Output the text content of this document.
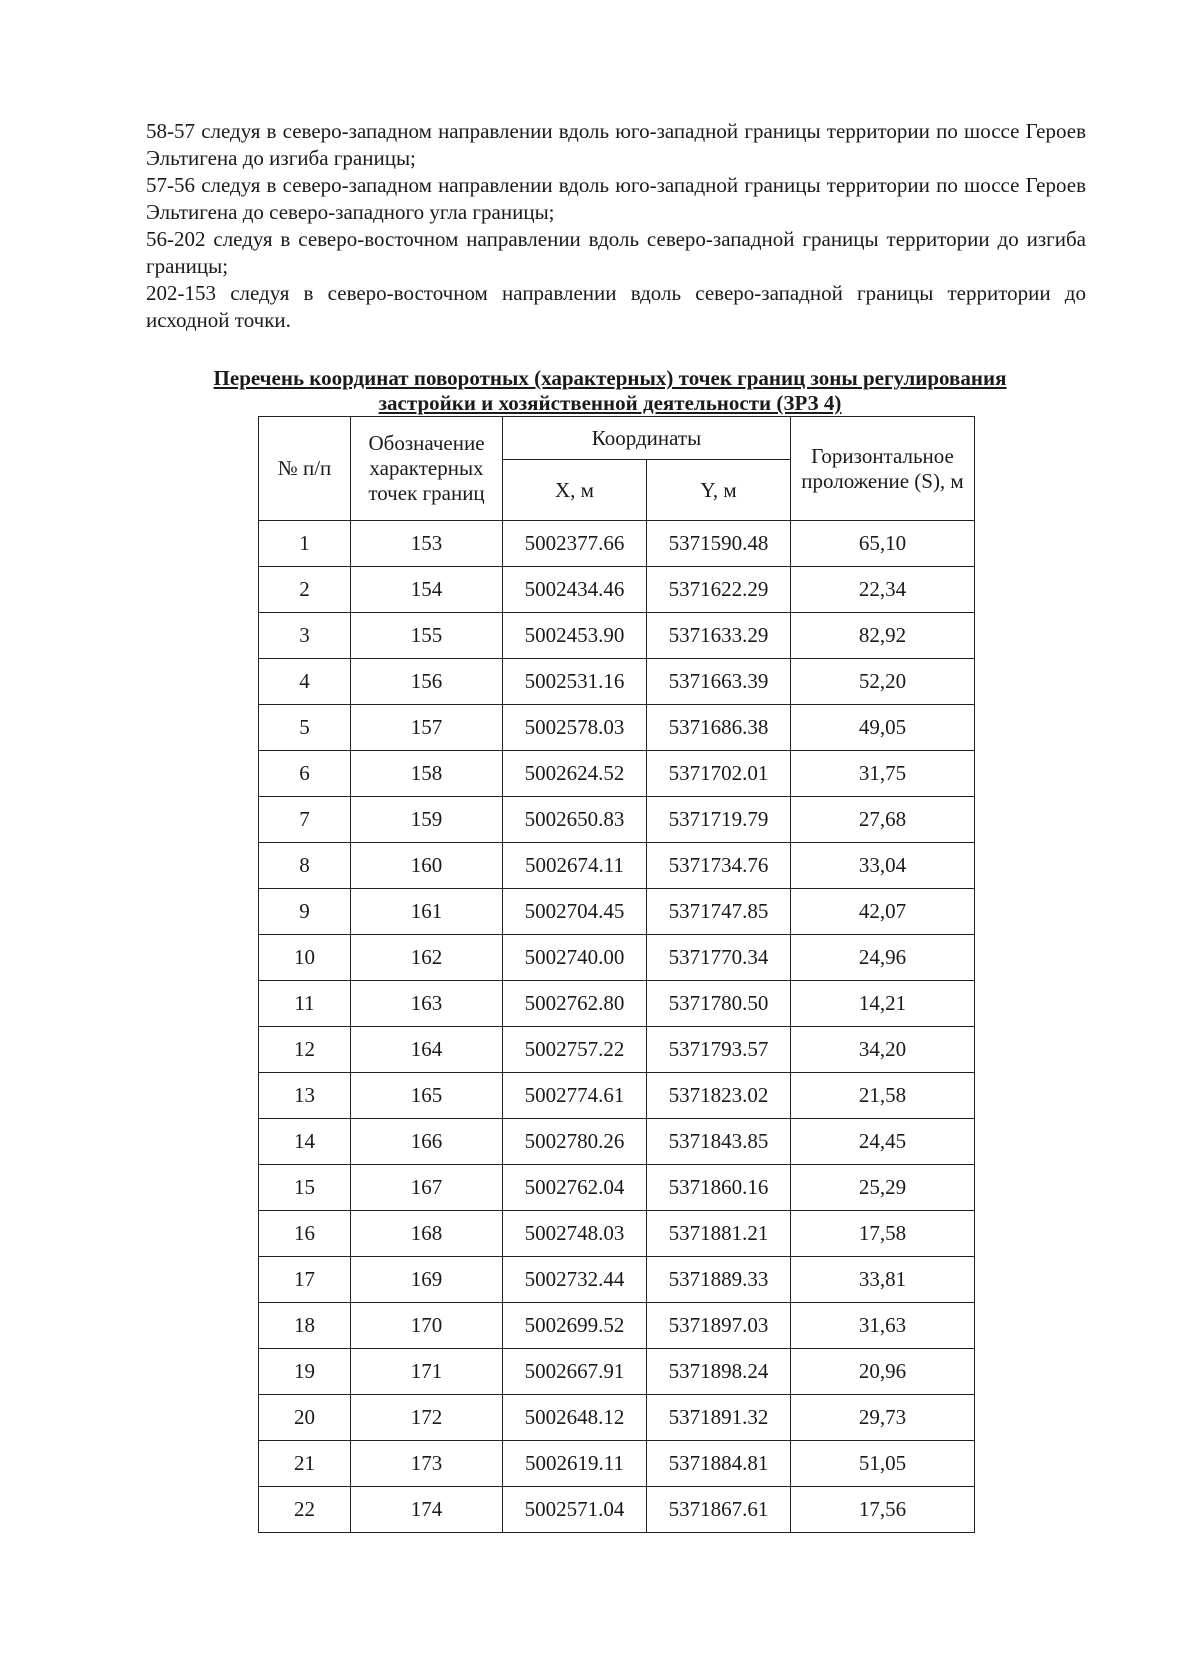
58-57 следуя в северо-западном направлении вдоль юго-западной границы территории по шоссе Героев Эльтигена до изгиба границы;

57-56 следуя в северо-западном направлении вдоль юго-западной границы территории по шоссе Героев Эльтигена до северо-западного угла границы;

56-202 следуя в северо-восточном направлении вдоль северо-западной границы территории до изгиба границы;

202-153 следуя в северо-восточном направлении вдоль северо-западной границы территории до исходной точки.

Перечень координат поворотных (характерных) точек границ зоны регулирования
застройки и хозяйственной деятельности (ЗРЗ 4)
№ п/п	Обозначение характерных точек границ	Координаты		Горизонтальное проложение (S), м
		X, м	Y, м	
1	153	5002377.66	5371590.48	65,10
2	154	5002434.46	5371622.29	22,34
3	155	5002453.90	5371633.29	82,92
4	156	5002531.16	5371663.39	52,20
5	157	5002578.03	5371686.38	49,05
6	158	5002624.52	5371702.01	31,75
7	159	5002650.83	5371719.79	27,68
8	160	5002674.11	5371734.76	33,04
9	161	5002704.45	5371747.85	42,07
10	162	5002740.00	5371770.34	24,96
11	163	5002762.80	5371780.50	14,21
12	164	5002757.22	5371793.57	34,20
13	165	5002774.61	5371823.02	21,58
14	166	5002780.26	5371843.85	24,45
15	167	5002762.04	5371860.16	25,29
16	168	5002748.03	5371881.21	17,58
17	169	5002732.44	5371889.33	33,81
18	170	5002699.52	5371897.03	31,63
19	171	5002667.91	5371898.24	20,96
20	172	5002648.12	5371891.32	29,73
21	173	5002619.11	5371884.81	51,05
22	174	5002571.04	5371867.61	17,56
